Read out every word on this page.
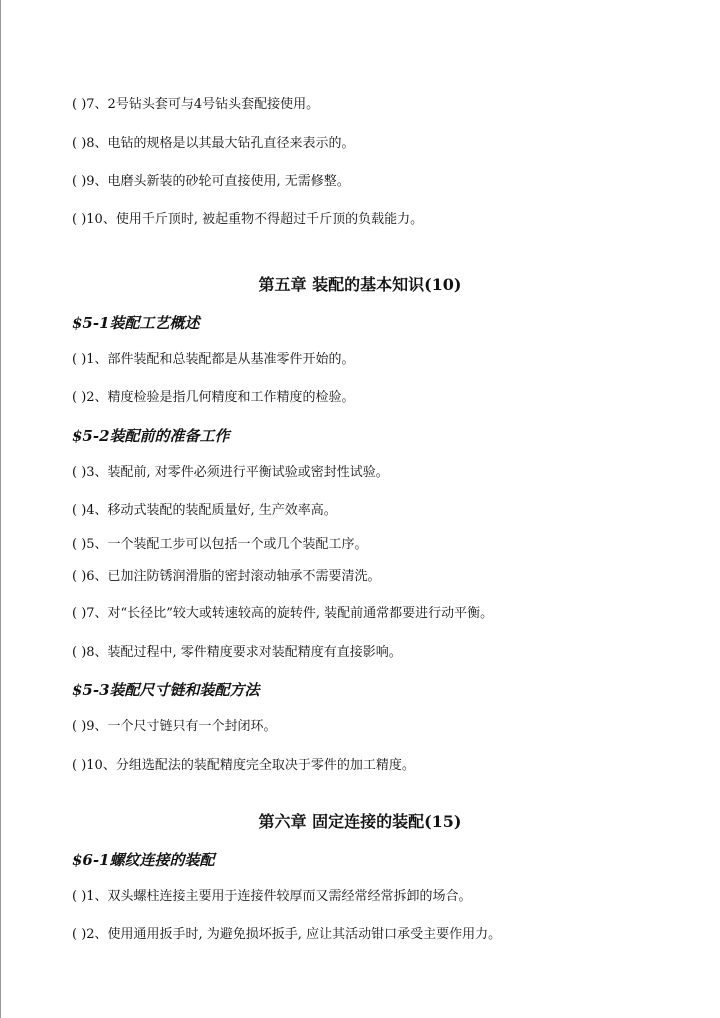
( )7、2号钻头套可与4号钻头套配接使用。
( )8、电钻的规格是以其最大钻孔直径来表示的。
( )9、电磨头新装的砂轮可直接使用, 无需修整。
( )10、使用千斤顶时, 被起重物不得超过千斤顶的负载能力。
第五章 装配的基本知识(10)
$5-1装配工艺概述
( )1、部件装配和总装配都是从基准零件开始的。
( )2、精度检验是指几何精度和工作精度的检验。
$5-2装配前的准备工作
( )3、装配前, 对零件必须进行平衡试验或密封性试验。
( )4、移动式装配的装配质量好, 生产效率高。
( )5、一个装配工步可以包括一个或几个装配工序。
( )6、已加注防锈润滑脂的密封滚动轴承不需要清洗。
( )7、对“长径比”较大或转速较高的旋转件, 装配前通常都要进行动平衡。
( )8、装配过程中, 零件精度要求对装配精度有直接影响。
$5-3装配尺寸链和装配方法
( )9、一个尺寸链只有一个封闭环。
( )10、分组选配法的装配精度完全取决于零件的加工精度。
第六章 固定连接的装配(15)
$6-1螺纹连接的装配
( )1、双头螺柱连接主要用于连接件较厚而又需经常经常拆卸的场合。
( )2、使用通用扳手时, 为避免损坏扳手, 应让其活动钳口承受主要作用力。
